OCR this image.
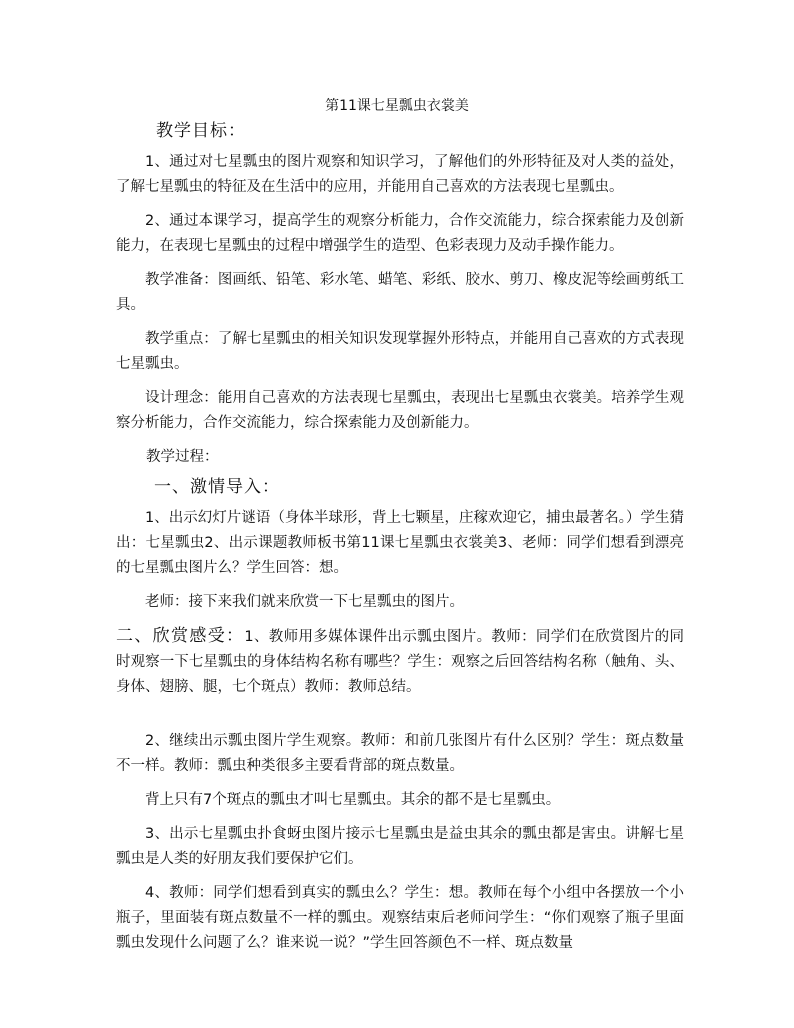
第11课七星瓢虫衣裳美
教学目标：

1、通过对七星瓢虫的图片观察和知识学习，了解他们的外形特征及对人类的益处，了解七星瓢虫的特征及在生活中的应用，并能用自己喜欢的方法表现七星瓢虫。

2、通过本课学习，提高学生的观察分析能力，合作交流能力，综合探索能力及创新能力，在表现七星瓢虫的过程中增强学生的造型、色彩表现力及动手操作能力。

教学准备：图画纸、铅笔、彩水笔、蜡笔、彩纸、胶水、剪刀、橡皮泥等绘画剪纸工具。

教学重点：了解七星瓢虫的相关知识发现掌握外形特点，并能用自己喜欢的方式表现七星瓢虫。

设计理念：能用自己喜欢的方法表现七星瓢虫，表现出七星瓢虫衣裳美。培养学生观察分析能力，合作交流能力，综合探索能力及创新能力。

教学过程：
一、激情导入：

1、出示幻灯片谜语（身体半球形，背上七颗星，庄稼欢迎它，捕虫最著名。）学生猜出：七星瓢虫2、出示课题教师板书第11课七星瓢虫衣裳美3、老师：同学们想看到漂亮的七星瓢虫图片么？学生回答：想。

老师：接下来我们就来欣赏一下七星瓢虫的图片。

二、欣赏感受：1、教师用多媒体课件出示瓢虫图片。教师：同学们在欣赏图片的同时观察一下七星瓢虫的身体结构名称有哪些？学生：观察之后回答结构名称（触角、头、身体、翅膀、腿，七个斑点）教师：教师总结。

2、继续出示瓢虫图片学生观察。教师：和前几张图片有什么区别？学生：斑点数量不一样。教师：瓢虫种类很多主要看背部的斑点数量。

背上只有7个斑点的瓢虫才叫七星瓢虫。其余的都不是七星瓢虫。

3、出示七星瓢虫扑食蚜虫图片接示七星瓢虫是益虫其余的瓢虫都是害虫。讲解七星瓢虫是人类的好朋友我们要保护它们。

4、教师：同学们想看到真实的瓢虫么？学生：想。教师在每个小组中各摆放一个小瓶子，里面装有斑点数量不一样的瓢虫。观察结束后老师问学生：“你们观察了瓶子里面瓢虫发现什么问题了么？谁来说一说？”学生回答颜色不一样、斑点数量
